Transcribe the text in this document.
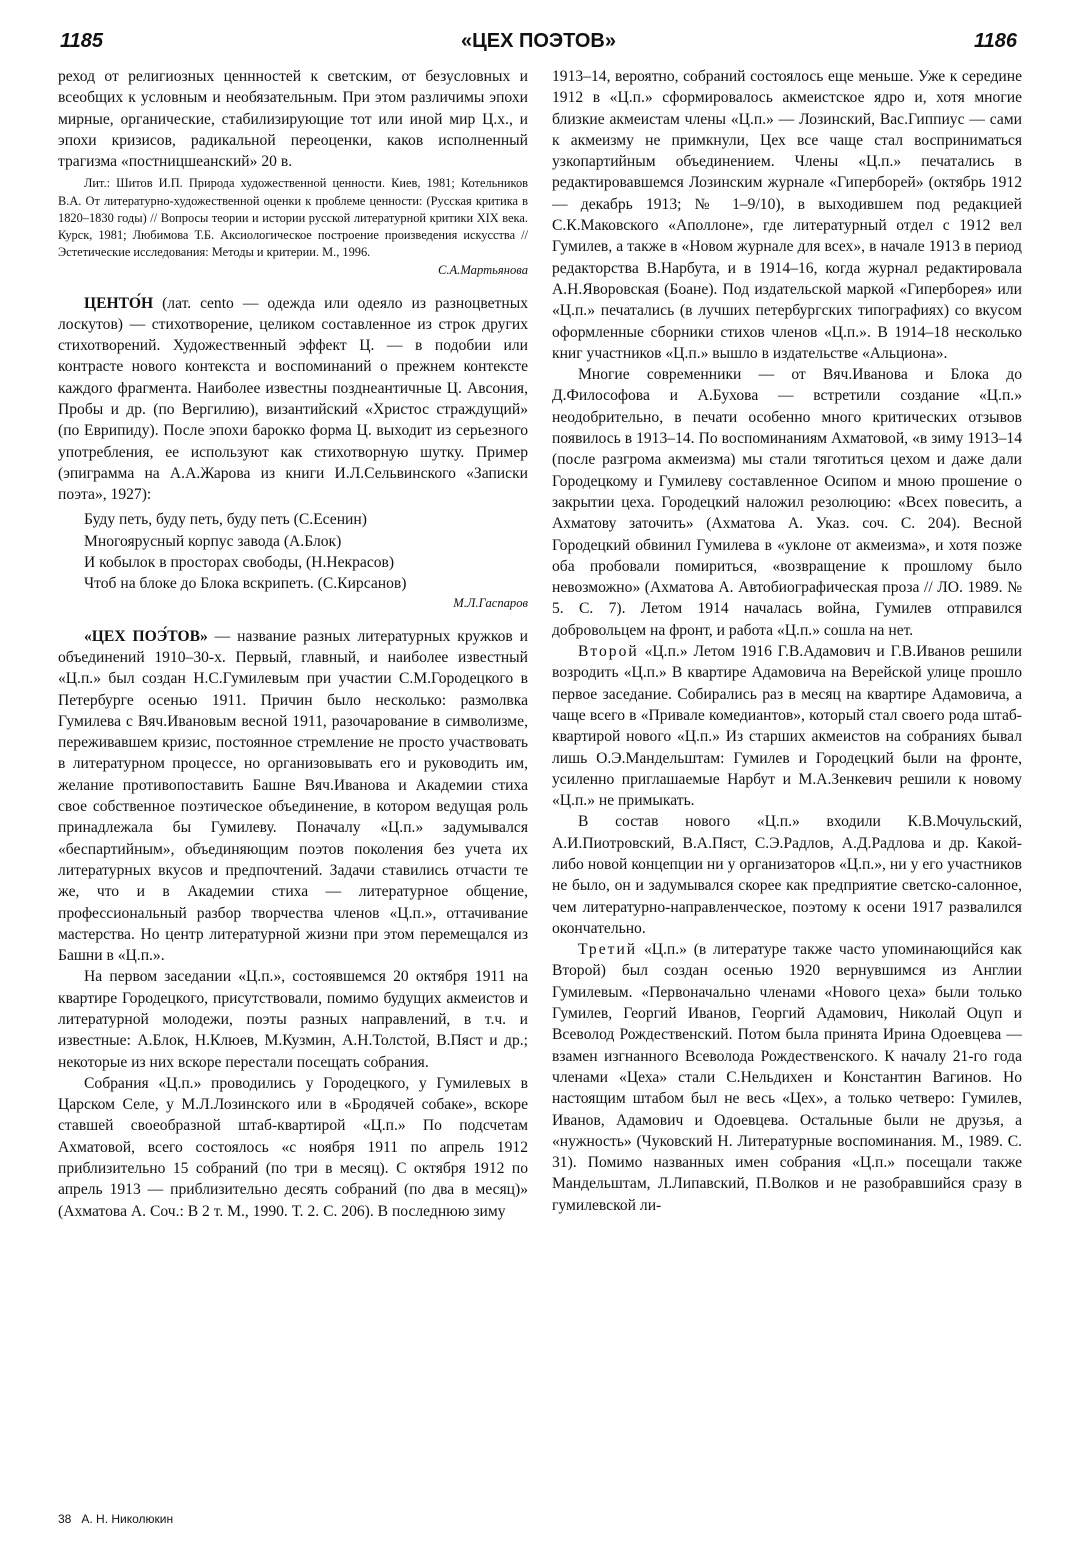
1185	«ЦЕХ ПОЭТОВ»	1186

реход от религиозных ценнностей к светским, от безусловных и всеобщих к условным и необязательным. При этом различимы эпохи мирные, органические, стабилизирующие тот или иной мир Ц.х., и эпохи кризисов, радикальной переоценки, каков исполненный трагизма «постницшеанский» 20 в.

Лит.: Шитов И.П. Природа художественной ценности. Киев, 1981; Котельников В.А. От литературно-художественной оценки к проблеме ценности: (Русская критика в 1820–1830 годы) // Вопросы теории и истории русской литературной критики XIX века. Курск, 1981; Любимова Т.Б. Аксиологическое построение произведения искусства // Эстетические исследования: Методы и критерии. М., 1996.

С.А.Мартьянова

ЦЕНТО́Н (лат. cento — одежда или одеяло из разноцветных лоскутов) — стихотворение, целиком составленное из строк других стихотворений. Художественный эффект Ц. — в подобии или контрасте нового контекста и воспоминаний о прежнем контексте каждого фрагмента. Наиболее известны позднеантичные Ц. Авсония, Пробы и др. (по Вергилию), византийский «Христос страждущий» (по Еврипиду). После эпохи барокко форма Ц. выходит из серьезного употребления, ее используют как стихотворную шутку. Пример (эпиграмма на А.А.Жарова из книги И.Л.Сельвинского «Записки поэта», 1927):

Буду петь, буду петь, буду петь (С.Есенин)

Многоярусный корпус завода (А.Блок)

И кобылок в просторах свободы, (Н.Некрасов)

Чтоб на блоке до Блока вскрипеть. (С.Кирсанов)

М.Л.Гаспаров

«ЦЕХ ПОЭ́ТОВ» — название разных литературных кружков и объединений 1910–30-х. Первый, главный, и наиболее известный «Ц.п.» был создан Н.С.Гумилевым при участии С.М.Городецкого в Петербурге осенью 1911. Причин было несколько: размолвка Гумилева с Вяч.Ивановым весной 1911, разочарование в символизме, переживавшем кризис, постоянное стремление не просто участвовать в литературном процессе, но организовывать его и руководить им, желание противопоставить Башне Вяч.Иванова и Академии стиха свое собственное поэтическое объединение, в котором ведущая роль принадлежала бы Гумилеву. Поначалу «Ц.п.» задумывался «беспартийным», объединяющим поэтов поколения без учета их литературных вкусов и предпочтений. Задачи ставились отчасти те же, что и в Академии стиха — литературное общение, профессиональный разбор творчества членов «Ц.п.», оттачивание мастерства. Но центр литературной жизни при этом перемещался из Башни в «Ц.п.».

На первом заседании «Ц.п.», состоявшемся 20 октября 1911 на квартире Городецкого, присутствовали, помимо будущих акмеистов и литературной молодежи, поэты разных направлений, в т.ч. и известные: А.Блок, Н.Клюев, М.Кузмин, А.Н.Толстой, В.Пяст и др.; некоторые из них вскоре перестали посещать собрания.

Собрания «Ц.п.» проводились у Городецкого, у Гумилевых в Царском Селе, у М.Л.Лозинского или в «Бродячей собаке», вскоре ставшей своеобразной штаб-квартирой «Ц.п.» По подсчетам Ахматовой, всего состоялось «с ноября 1911 по апрель 1912 приблизительно 15 собраний (по три в месяц). С октября 1912 по апрель 1913 — приблизительно десять собраний (по два в месяц)» (Ахматова А. Соч.: В 2 т. М., 1990. Т. 2. С. 206). В последнюю зиму

1913–14, вероятно, собраний состоялось еще меньше. Уже к середине 1912 в «Ц.п.» сформировалось акмеистское ядро и, хотя многие близкие акмеистам члены «Ц.п.» — Лозинский, Вас.Гиппиус — сами к акмеизму не примкнули, Цех все чаще стал восприниматься узкопартийным объединением. Члены «Ц.п.» печатались в редактировавшемся Лозинским журнале «Гиперборей» (октябрь 1912 — декабрь 1913; № 1–9/10), в выходившем под редакцией С.К.Маковского «Аполлоне», где литературный отдел с 1912 вел Гумилев, а также в «Новом журнале для всех», в начале 1913 в период редакторства В.Нарбута, и в 1914–16, когда журнал редактировала А.Н.Яворовская (Боане). Под издательской маркой «Гиперборея» или «Ц.п.» печатались (в лучших петербургских типографиях) со вкусом оформленные сборники стихов членов «Ц.п.». В 1914–18 несколько книг участников «Ц.п.» вышло в издательстве «Альциона».

Многие современники — от Вяч.Иванова и Блока до Д.Философова и А.Бухова — встретили создание «Ц.п.» неодобрительно, в печати особенно много критических отзывов появилось в 1913–14. По воспоминаниям Ахматовой, «в зиму 1913–14 (после разгрома акмеизма) мы стали тяготиться цехом и даже дали Городецкому и Гумилеву составленное Осипом и мною прошение о закрытии цеха. Городецкий наложил резолюцию: «Всех повесить, а Ахматову заточить» (Ахматова А. Указ. соч. С. 204). Весной Городецкий обвинил Гумилева в «уклоне от акмеизма», и хотя позже оба пробовали помириться, «возвращение к прошлому было невозможно» (Ахматова А. Автобиографическая проза // ЛО. 1989. № 5. С. 7). Летом 1914 началась война, Гумилев отправился добровольцем на фронт, и работа «Ц.п.» сошла на нет.

Второй «Ц.п.» Летом 1916 Г.В.Адамович и Г.В.Иванов решили возродить «Ц.п.» В квартире Адамовича на Верейской улице прошло первое заседание. Собирались раз в месяц на квартире Адамовича, а чаще всего в «Привале комедиантов», который стал своего рода штаб-квартирой нового «Ц.п.» Из старших акмеистов на собраниях бывал лишь О.Э.Мандельштам: Гумилев и Городецкий были на фронте, усиленно приглашаемые Нарбут и М.А.Зенкевич решили к новому «Ц.п.» не примыкать.

В состав нового «Ц.п.» входили К.В.Мочульский, А.И.Пиотровский, В.А.Пяст, С.Э.Радлов, А.Д.Радлова и др. Какой-либо новой концепции ни у организаторов «Ц.п.», ни у его участников не было, он и задумывался скорее как предприятие светско-салонное, чем литературно-направленческое, поэтому к осени 1917 развалился окончательно.

Третий «Ц.п.» (в литературе также часто упоминающийся как Второй) был создан осенью 1920 вернувшимся из Англии Гумилевым. «Первоначально членами «Нового цеха» были только Гумилев, Георгий Иванов, Георгий Адамович, Николай Оцуп и Всеволод Рождественский. Потом была принята Ирина Одоевцева — взамен изгнанного Всеволода Рождественского. К началу 21-го года членами «Цеха» стали С.Нельдихен и Константин Вагинов. Но настоящим штабом был не весь «Цех», а только четверо: Гумилев, Иванов, Адамович и Одоевцева. Остальные были не друзья, а «нужность» (Чуковский Н. Литературные воспоминания. М., 1989. С. 31). Помимо названных имен собрания «Ц.п.» посещали также Мандельштам, Л.Липавский, П.Волков и не разобравшийся сразу в гумилевской ли-

38 А. Н. Николюкин
